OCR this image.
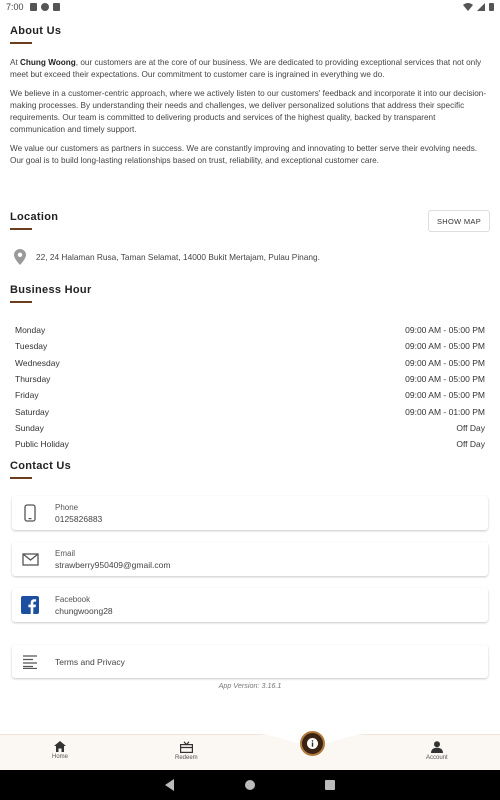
7:00
About Us

At Chung Woong, our customers are at the core of our business. We are dedicated to providing exceptional services that not only meet but exceed their expectations. Our commitment to customer care is ingrained in everything we do.

We believe in a customer-centric approach, where we actively listen to our customers' feedback and incorporate it into our decision-making processes. By understanding their needs and challenges, we deliver personalized solutions that address their specific requirements. Our team is committed to delivering products and services of the highest quality, backed by transparent communication and timely support.

We value our customers as partners in success. We are constantly improving and innovating to better serve their evolving needs. Our goal is to build long-lasting relationships based on trust, reliability, and exceptional customer care.

Location	SHOW MAP
22, 24 Halaman Rusa, Taman Selamat, 14000 Bukit Mertajam, Pulau Pinang.
Business Hour
Monday	09:00 AM - 05:00 PM
Tuesday	09:00 AM - 05:00 PM
Wednesday	09:00 AM - 05:00 PM
Thursday	09:00 AM - 05:00 PM
Friday	09:00 AM - 05:00 PM
Saturday	09:00 AM - 01:00 PM
Sunday	Off Day
Public Holiday	Off Day
Contact Us
Phone
0125826883
Email
strawberry950409@gmail.com
Facebook
chungwoong28
Terms and Privacy
App Version: 3.16.1
Home	Redeem	Account
